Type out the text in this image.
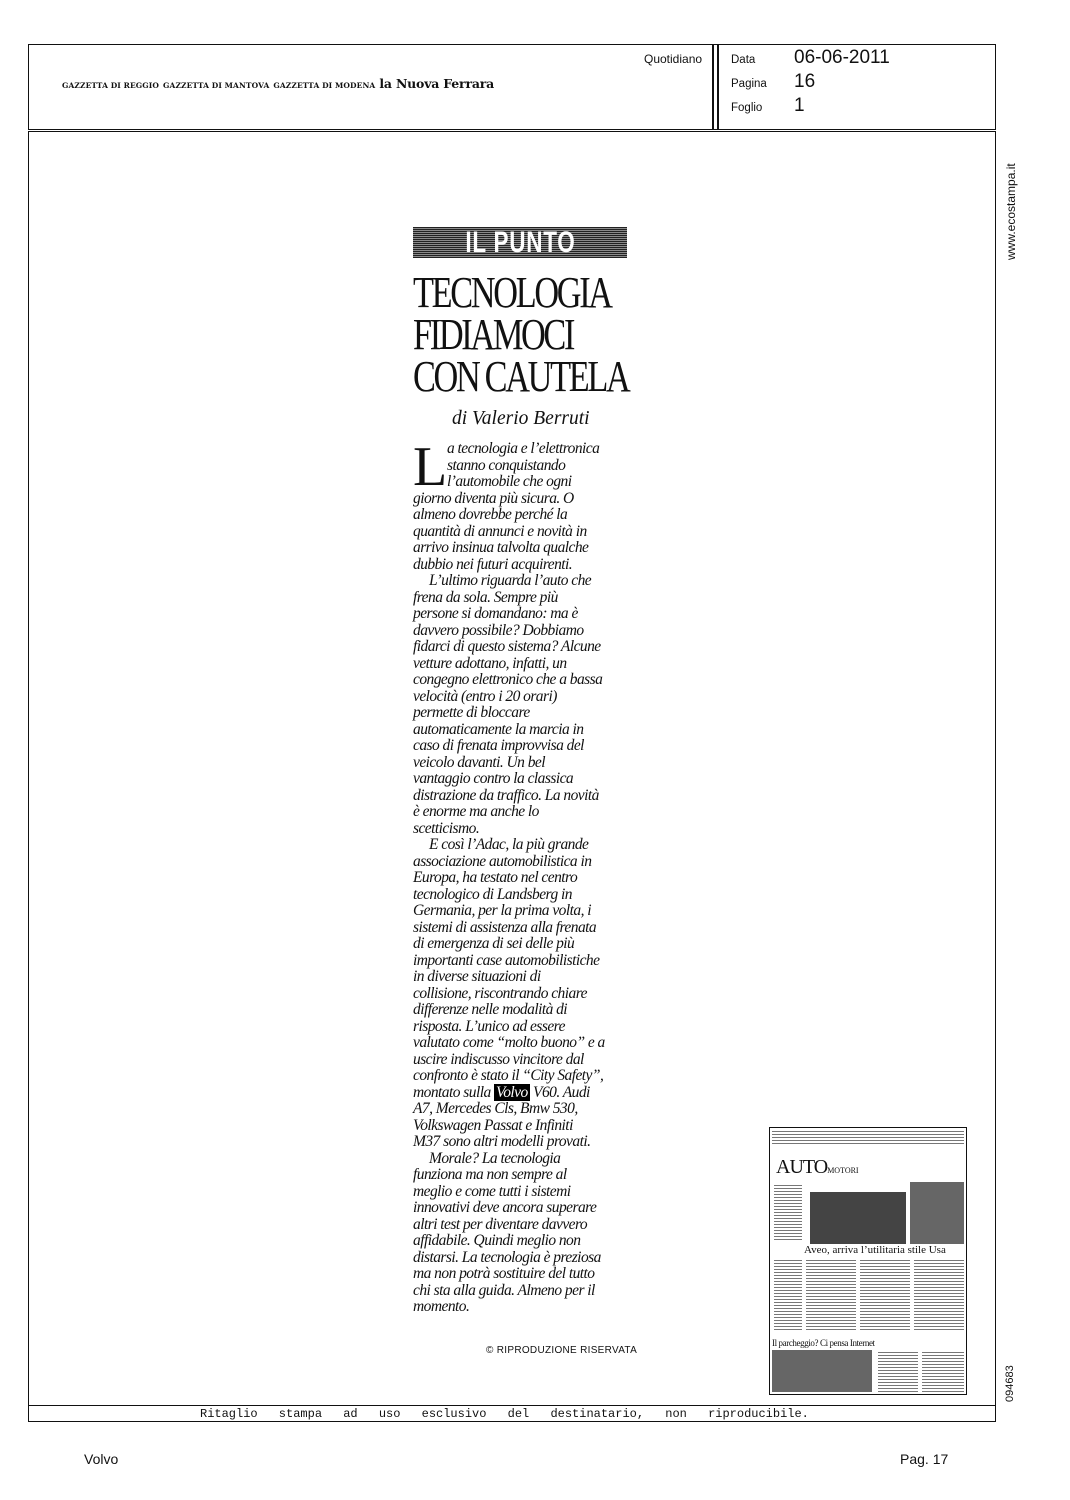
GAZZETTA DI REGGIO GAZZETTA DI MANTOVA GAZZETTA DI MODENA la Nuova Ferrara
Quotidiano	Data 06-06-2011
Pagina 16
Foglio 1
www.ecostampa.it
094683
IL PUNTO
TECNOLOGIA
FIDIAMOCI
CON CAUTELA
di Valerio Berruti
L a tecnologia e l’elettronica
stanno conquistando
l’automobile che ogni
giorno diventa più sicura. O
almeno dovrebbe perché la
quantità di annunci e novità in
arrivo insinua talvolta qualche
dubbio nei futuri acquirenti.
L’ultimo riguarda l’auto che
frena da sola. Sempre più
persone si domandano: ma è
davvero possibile? Dobbiamo
fidarci di questo sistema? Alcune
vetture adottano, infatti, un
congegno elettronico che a bassa
velocità (entro i 20 orari)
permette di bloccare
automaticamente la marcia in
caso di frenata improvvisa del
veicolo davanti. Un bel
vantaggio contro la classica
distrazione da traffico. La novità
è enorme ma anche lo
scetticismo.
E così l’Adac, la più grande
associazione automobilistica in
Europa, ha testato nel centro
tecnologico di Landsberg in
Germania, per la prima volta, i
sistemi di assistenza alla frenata
di emergenza di sei delle più
importanti case automobilistiche
in diverse situazioni di
collisione, riscontrando chiare
differenze nelle modalità di
risposta. L’unico ad essere
valutato come “molto buono” e a
uscire indiscusso vincitore dal
confronto è stato il “City Safety”,
montato sulla Volvo V60. Audi
A7, Mercedes Cls, Bmw 530,
Volkswagen Passat e Infiniti
M37 sono altri modelli provati.
Morale? La tecnologia
funziona ma non sempre al
meglio e come tutti i sistemi
innovativi deve ancora superare
altri test per diventare davvero
affidabile. Quindi meglio non
distarsi. La tecnologia è preziosa
ma non potrà sostituire del tutto
chi sta alla guida. Almeno per il
momento.
© RIPRODUZIONE RISERVATA
AUTOMOTORI
Aveo, arriva l’utilitaria stile Usa
Il parcheggio? Ci pensa Internet
Ritaglio stampa ad uso esclusivo del destinatario, non riproducibile.
Volvo	Pag. 17
